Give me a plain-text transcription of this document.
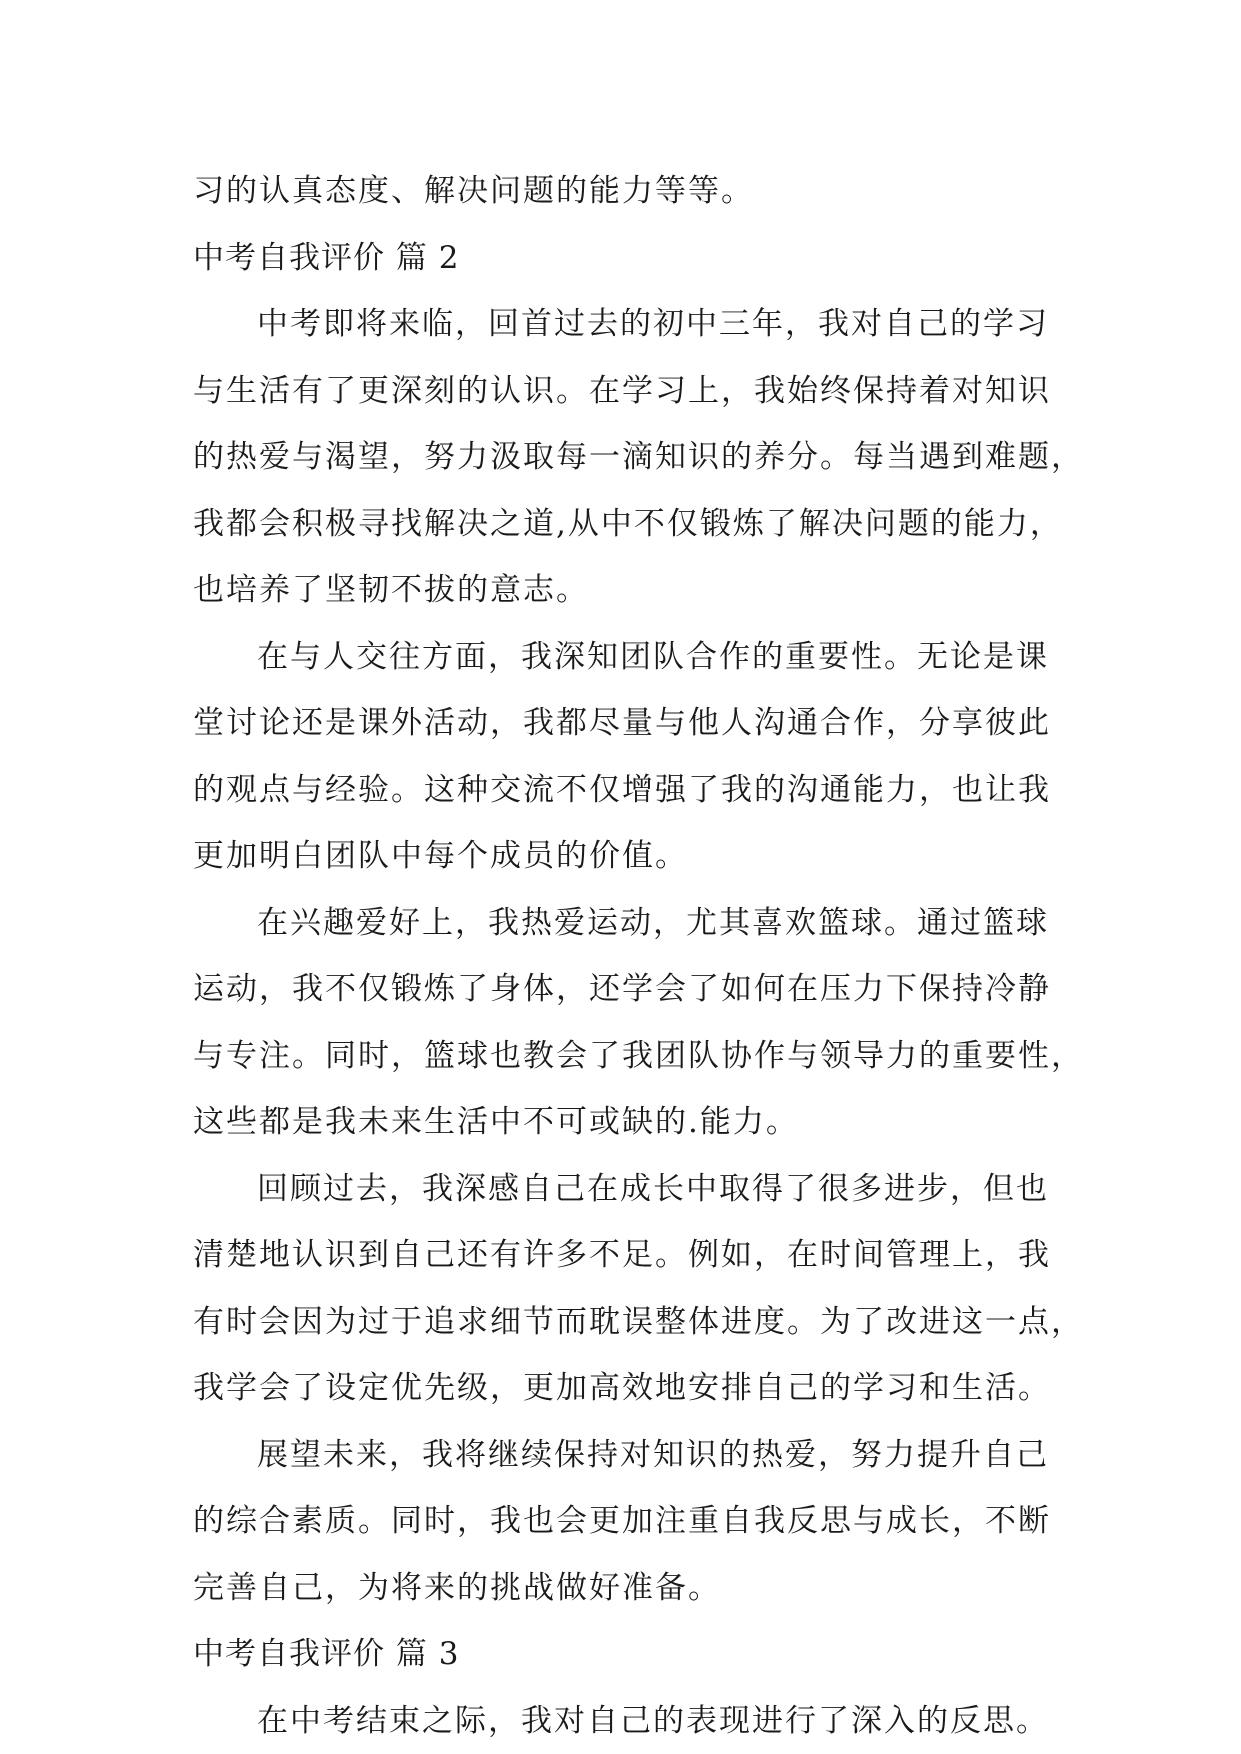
习的认真态度、解决问题的能力等等。
中考自我评价 篇 2
中考即将来临，回首过去的初中三年，我对自己的学习
与生活有了更深刻的认识。在学习上，我始终保持着对知识
的热爱与渴望，努力汲取每一滴知识的养分。每当遇到难题，
我都会积极寻找解决之道,从中不仅锻炼了解决问题的能力，
也培养了坚韧不拔的意志。
在与人交往方面，我深知团队合作的重要性。无论是课
堂讨论还是课外活动，我都尽量与他人沟通合作，分享彼此
的观点与经验。这种交流不仅增强了我的沟通能力，也让我
更加明白团队中每个成员的价值。
在兴趣爱好上，我热爱运动，尤其喜欢篮球。通过篮球
运动，我不仅锻炼了身体，还学会了如何在压力下保持冷静
与专注。同时，篮球也教会了我团队协作与领导力的重要性，
这些都是我未来生活中不可或缺的.能力。
回顾过去，我深感自己在成长中取得了很多进步，但也
清楚地认识到自己还有许多不足。例如，在时间管理上，我
有时会因为过于追求细节而耽误整体进度。为了改进这一点，
我学会了设定优先级，更加高效地安排自己的学习和生活。
展望未来，我将继续保持对知识的热爱，努力提升自己
的综合素质。同时，我也会更加注重自我反思与成长，不断
完善自己，为将来的挑战做好准备。
中考自我评价 篇 3
在中考结束之际，我对自己的表现进行了深入的反思。
